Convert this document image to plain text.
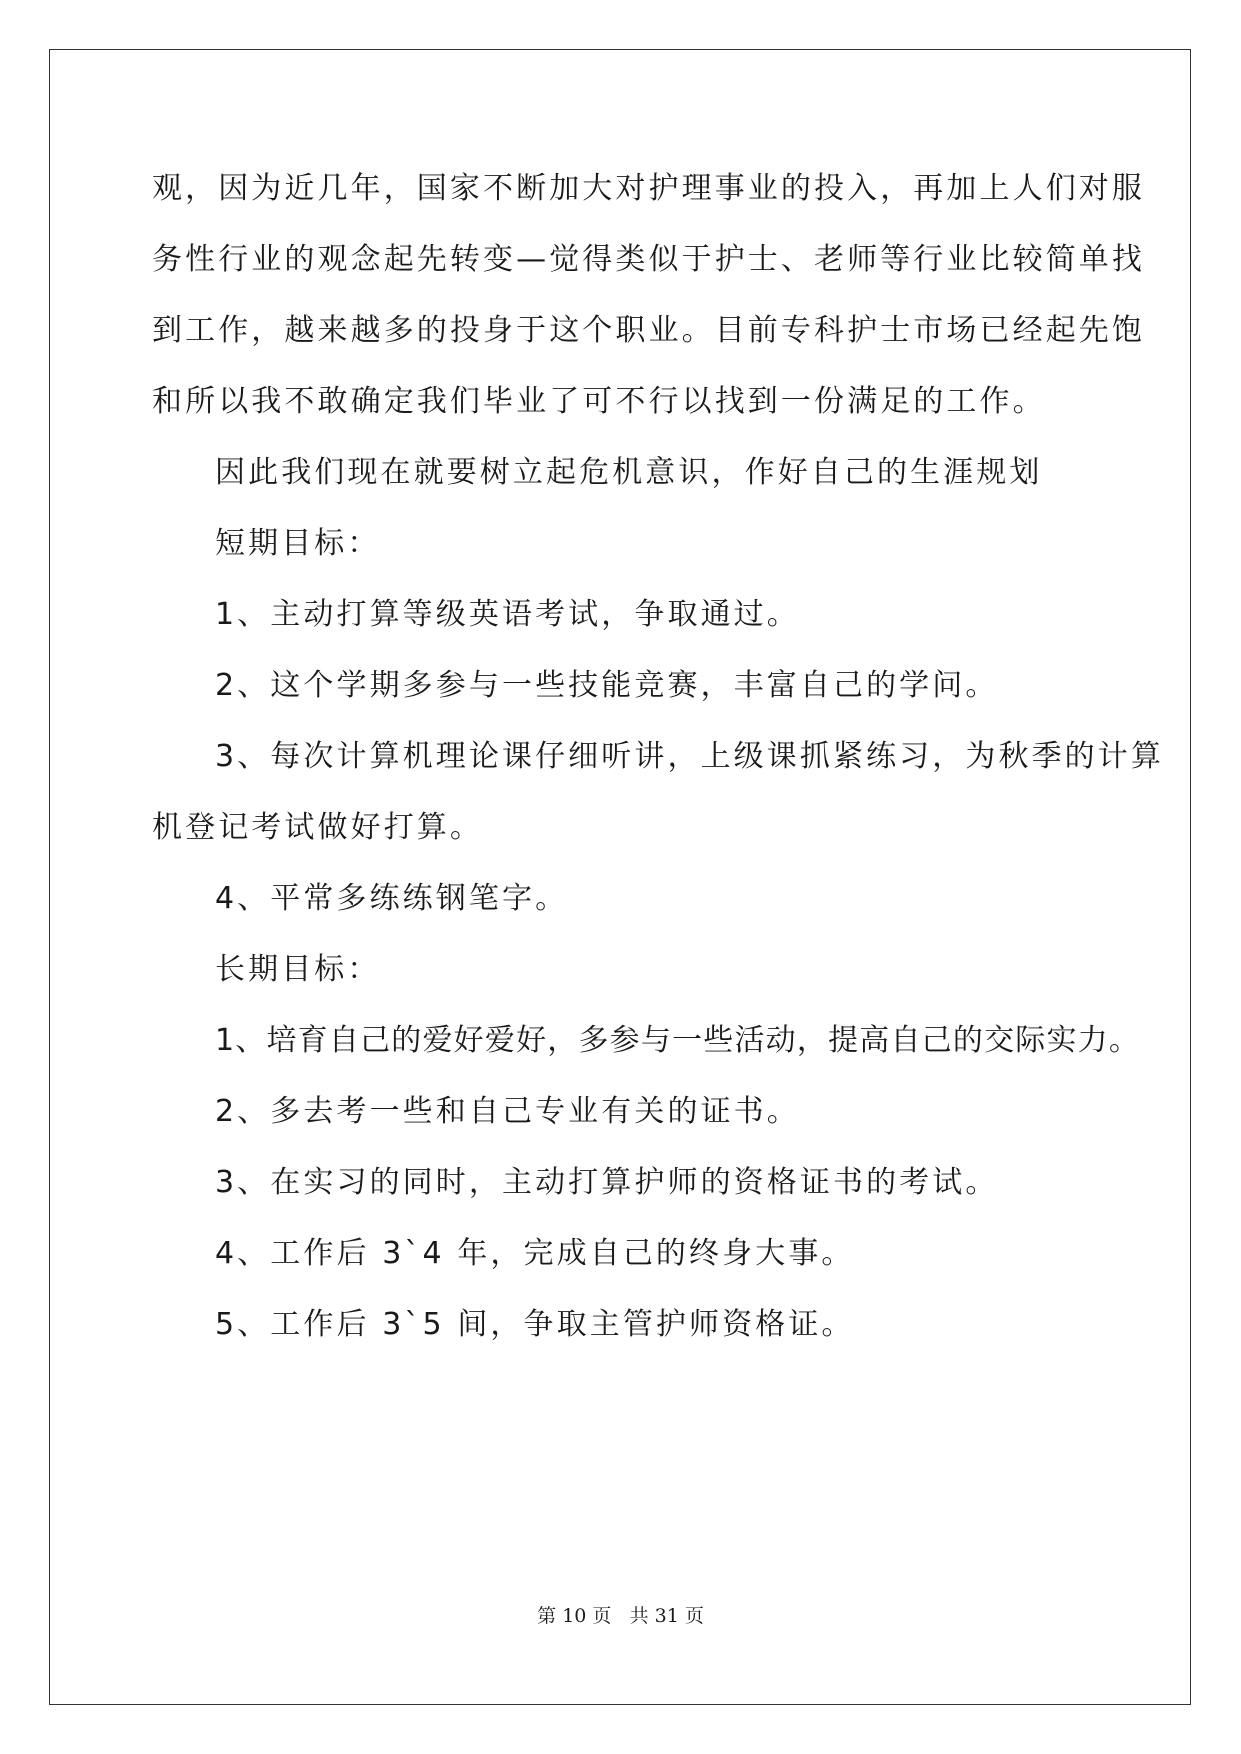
观，因为近几年，国家不断加大对护理事业的投入，再加上人们对服
务性行业的观念起先转变—觉得类似于护士、老师等行业比较简单找
到工作，越来越多的投身于这个职业。目前专科护士市场已经起先饱
和所以我不敢确定我们毕业了可不行以找到一份满足的工作。
因此我们现在就要树立起危机意识，作好自己的生涯规划
短期目标：
1、主动打算等级英语考试，争取通过。
2、这个学期多参与一些技能竞赛，丰富自己的学问。
3、每次计算机理论课仔细听讲，上级课抓紧练习，为秋季的计算
机登记考试做好打算。
4、平常多练练钢笔字。
长期目标：
1、培育自己的爱好爱好，多参与一些活动，提高自己的交际实力。
2、多去考一些和自己专业有关的证书。
3、在实习的同时，主动打算护师的资格证书的考试。
4、工作后 3`4 年，完成自己的终身大事。
5、工作后 3`5 间，争取主管护师资格证。
第 10 页 共 31 页
